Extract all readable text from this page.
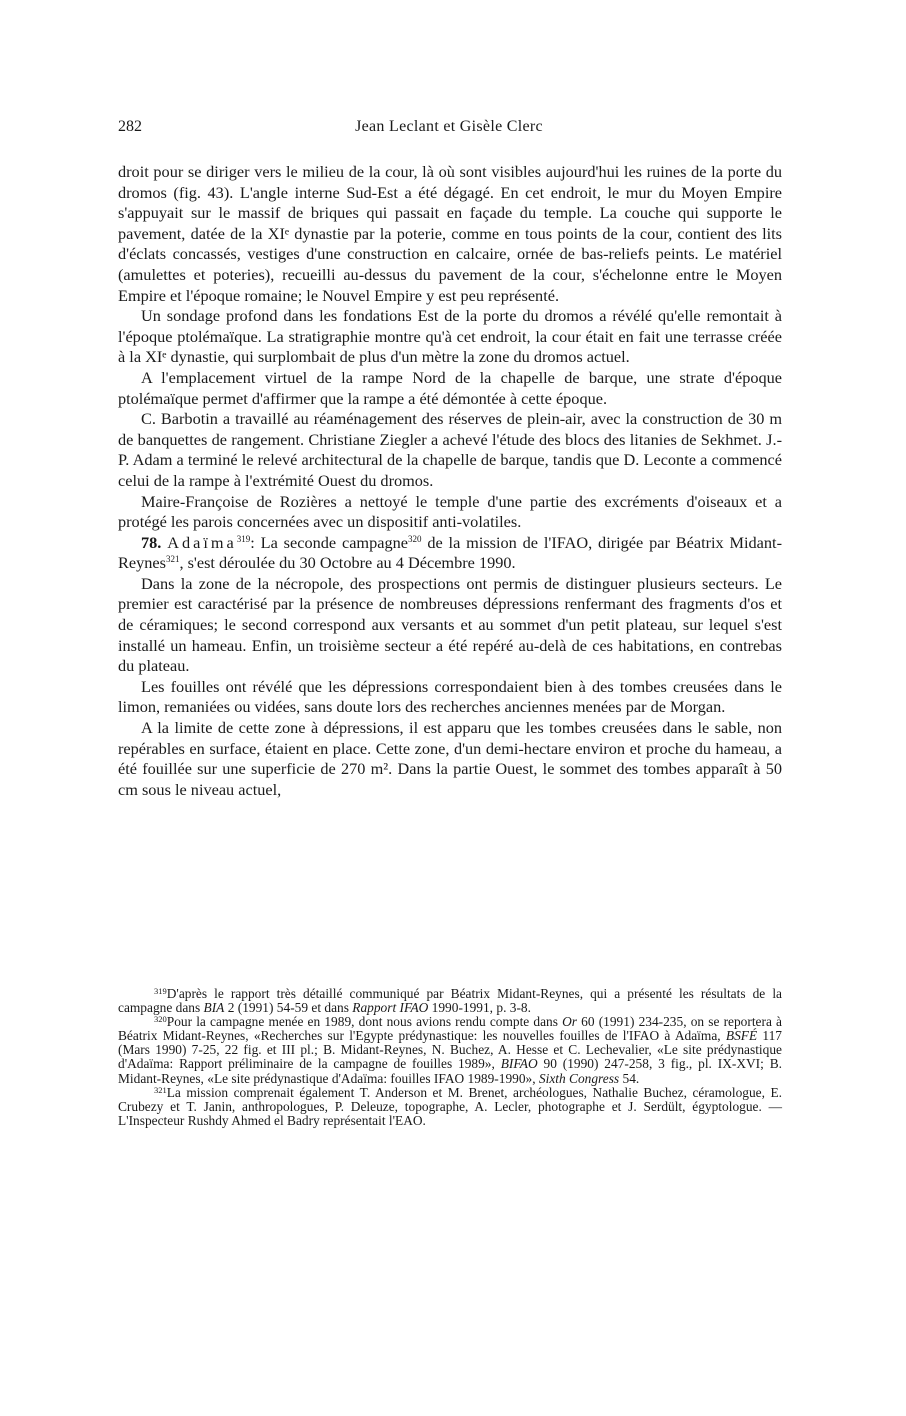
282	Jean Leclant et Gisèle Clerc

droit pour se diriger vers le milieu de la cour, là où sont visibles aujourd'hui les ruines de la porte du dromos (fig. 43). L'angle interne Sud-Est a été dégagé. En cet endroit, le mur du Moyen Empire s'appuyait sur le massif de briques qui passait en façade du temple. La couche qui supporte le pavement, datée de la XIᵉ dynastie par la poterie, comme en tous points de la cour, contient des lits d'éclats concassés, vestiges d'une construction en calcaire, ornée de bas-reliefs peints. Le matériel (amulettes et poteries), recueilli au-dessus du pavement de la cour, s'échelonne entre le Moyen Empire et l'époque romaine; le Nouvel Empire y est peu représenté.

Un sondage profond dans les fondations Est de la porte du dromos a révélé qu'elle remontait à l'époque ptolémaïque. La stratigraphie montre qu'à cet endroit, la cour était en fait une terrasse créée à la XIᵉ dynastie, qui surplombait de plus d'un mètre la zone du dromos actuel.

A l'emplacement virtuel de la rampe Nord de la chapelle de barque, une strate d'époque ptolémaïque permet d'affirmer que la rampe a été démontée à cette époque.

C. Barbotin a travaillé au réaménagement des réserves de plein-air, avec la construction de 30 m de banquettes de rangement. Christiane Ziegler a achevé l'étude des blocs des litanies de Sekhmet. J.-P. Adam a terminé le relevé architectural de la chapelle de barque, tandis que D. Leconte a commencé celui de la rampe à l'extrémité Ouest du dromos.

Maire-Françoise de Rozières a nettoyé le temple d'une partie des excréments d'oiseaux et a protégé les parois concernées avec un dispositif anti-volatiles.

78. Adaïma$^{319}$: La seconde campagne$^{320}$ de la mission de l'IFAO, dirigée par Béatrix Midant-Reynes$^{321}$, s'est déroulée du 30 Octobre au 4 Décembre 1990.

Dans la zone de la nécropole, des prospections ont permis de distinguer plusieurs secteurs. Le premier est caractérisé par la présence de nombreuses dépressions renfermant des fragments d'os et de céramiques; le second correspond aux versants et au sommet d'un petit plateau, sur lequel s'est installé un hameau. Enfin, un troisième secteur a été repéré au-delà de ces habitations, en contrebas du plateau.

Les fouilles ont révélé que les dépressions correspondaient bien à des tombes creusées dans le limon, remaniées ou vidées, sans doute lors des recherches anciennes menées par de Morgan.

A la limite de cette zone à dépressions, il est apparu que les tombes creusées dans le sable, non repérables en surface, étaient en place. Cette zone, d'un demi-hectare environ et proche du hameau, a été fouillée sur une superficie de 270 m². Dans la partie Ouest, le sommet des tombes apparaît à 50 cm sous le niveau actuel,

$^{319}$D'après le rapport très détaillé communiqué par Béatrix Midant-Reynes, qui a présenté les résultats de la campagne dans BIA 2 (1991) 54-59 et dans Rapport IFAO 1990-1991, p. 3-8.

$^{320}$Pour la campagne menée en 1989, dont nous avions rendu compte dans Or 60 (1991) 234-235, on se reportera à Béatrix Midant-Reynes, «Recherches sur l'Egypte prédynastique: les nouvelles fouilles de l'IFAO à Adaïma, BSFÉ 117 (Mars 1990) 7-25, 22 fig. et III pl.; B. Midant-Reynes, N. Buchez, A. Hesse et C. Lechevalier, «Le site prédynastique d'Adaïma: Rapport préliminaire de la campagne de fouilles 1989», BIFAO 90 (1990) 247-258, 3 fig., pl. IX-XVI; B. Midant-Reynes, «Le site prédynastique d'Adaïma: fouilles IFAO 1989-1990», Sixth Congress 54.

$^{321}$La mission comprenait également T. Anderson et M. Brenet, archéologues, Nathalie Buchez, céramologue, E. Crubezy et T. Janin, anthropologues, P. Deleuze, topographe, A. Lecler, photographe et J. Serdült, égyptologue. — L'Inspecteur Rushdy Ahmed el Badry représentait l'EAO.
